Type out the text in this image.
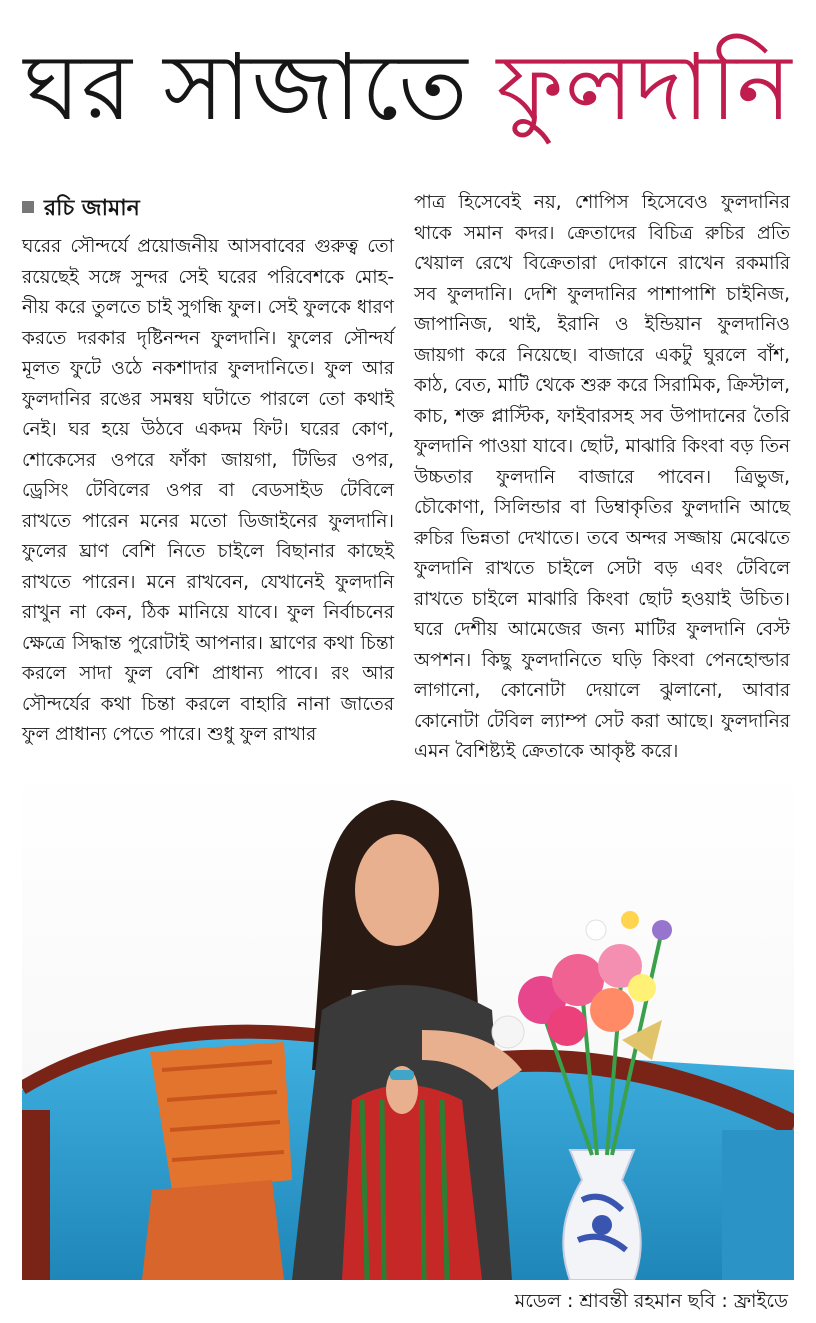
ঘর সাজাতে ফুলদানি
রচি জামান
ঘরের সৌন্দর্যে প্রয়োজনীয় আসবাবের গুরুত্ব তো রয়েছেই সঙ্গে সুন্দর সেই ঘরের পরিবেশকে মোহ-নীয় করে তুলতে চাই সুগন্ধি ফুল। সেই ফুলকে ধারণ করতে দরকার দৃষ্টিনন্দন ফুলদানি। ফুলের সৌন্দর্য মূলত ফুটে ওঠে নকশাদার ফুলদানিতে। ফুল আর ফুলদানির রঙের সমন্বয় ঘটাতে পারলে তো কথাই নেই। ঘর হয়ে উঠবে একদম ফিট। ঘরের কোণ, শোকেসের ওপরে ফাঁকা জায়গা, টিভির ওপর, ড্রেসিং টেবিলের ওপর বা বেডসাইড টেবিলে রাখতে পারেন মনের মতো ডিজাইনের ফুলদানি। ফুলের ঘ্রাণ বেশি নিতে চাইলে বিছানার কাছেই রাখতে পারেন। মনে রাখবেন, যেখানেই ফুলদানি রাখুন না কেন, ঠিক মানিয়ে যাবে। ফুল নির্বাচনের ক্ষেত্রে সিদ্ধান্ত পুরোটাই আপনার। ঘ্রাণের কথা চিন্তা করলে সাদা ফুল বেশি প্রাধান্য পাবে। রং আর সৌন্দর্যের কথা চিন্তা করলে বাহারি নানা জাতের ফুল প্রাধান্য পেতে পারে। শুধু ফুল রাখার
পাত্র হিসেবেই নয়, শোপিস হিসেবেও ফুলদানির থাকে সমান কদর। ক্রেতাদের বিচিত্র রুচির প্রতি খেয়াল রেখে বিক্রেতারা দোকানে রাখেন রকমারি সব ফুলদানি। দেশি ফুলদানির পাশাপাশি চাইনিজ, জাপানিজ, থাই, ইরানি ও ইন্ডিয়ান ফুলদানিও জায়গা করে নিয়েছে। বাজারে একটু ঘুরলে বাঁশ, কাঠ, বেত, মাটি থেকে শুরু করে সিরামিক, ক্রিস্টাল, কাচ, শক্ত প্লাস্টিক, ফাইবারসহ সব উপাদানের তৈরি ফুলদানি পাওয়া যাবে। ছোট, মাঝারি কিংবা বড় তিন উচ্চতার ফুলদানি বাজারে পাবেন। ত্রিভুজ, চৌকোণা, সিলিন্ডার বা ডিম্বাকৃতির ফুলদানি আছে রুচির ভিন্নতা দেখাতে। তবে অন্দর সজ্জায় মেঝেতে ফুলদানি রাখতে চাইলে সেটা বড় এবং টেবিলে রাখতে চাইলে মাঝারি কিংবা ছোট হওয়াই উচিত। ঘরে দেশীয় আমেজের জন্য মাটির ফুলদানি বেস্ট অপশন। কিছু ফুলদানিতে ঘড়ি কিংবা পেনহোল্ডার লাগানো, কোনোটা দেয়ালে ঝুলানো, আবার কোনোটা টেবিল ল্যাম্প সেট করা আছে। ফুলদানির এমন বৈশিষ্ট্যই ক্রেতাকে আকৃষ্ট করে।
মডেল : শ্রাবন্তী রহমান ছবি : ফ্রাইডে
